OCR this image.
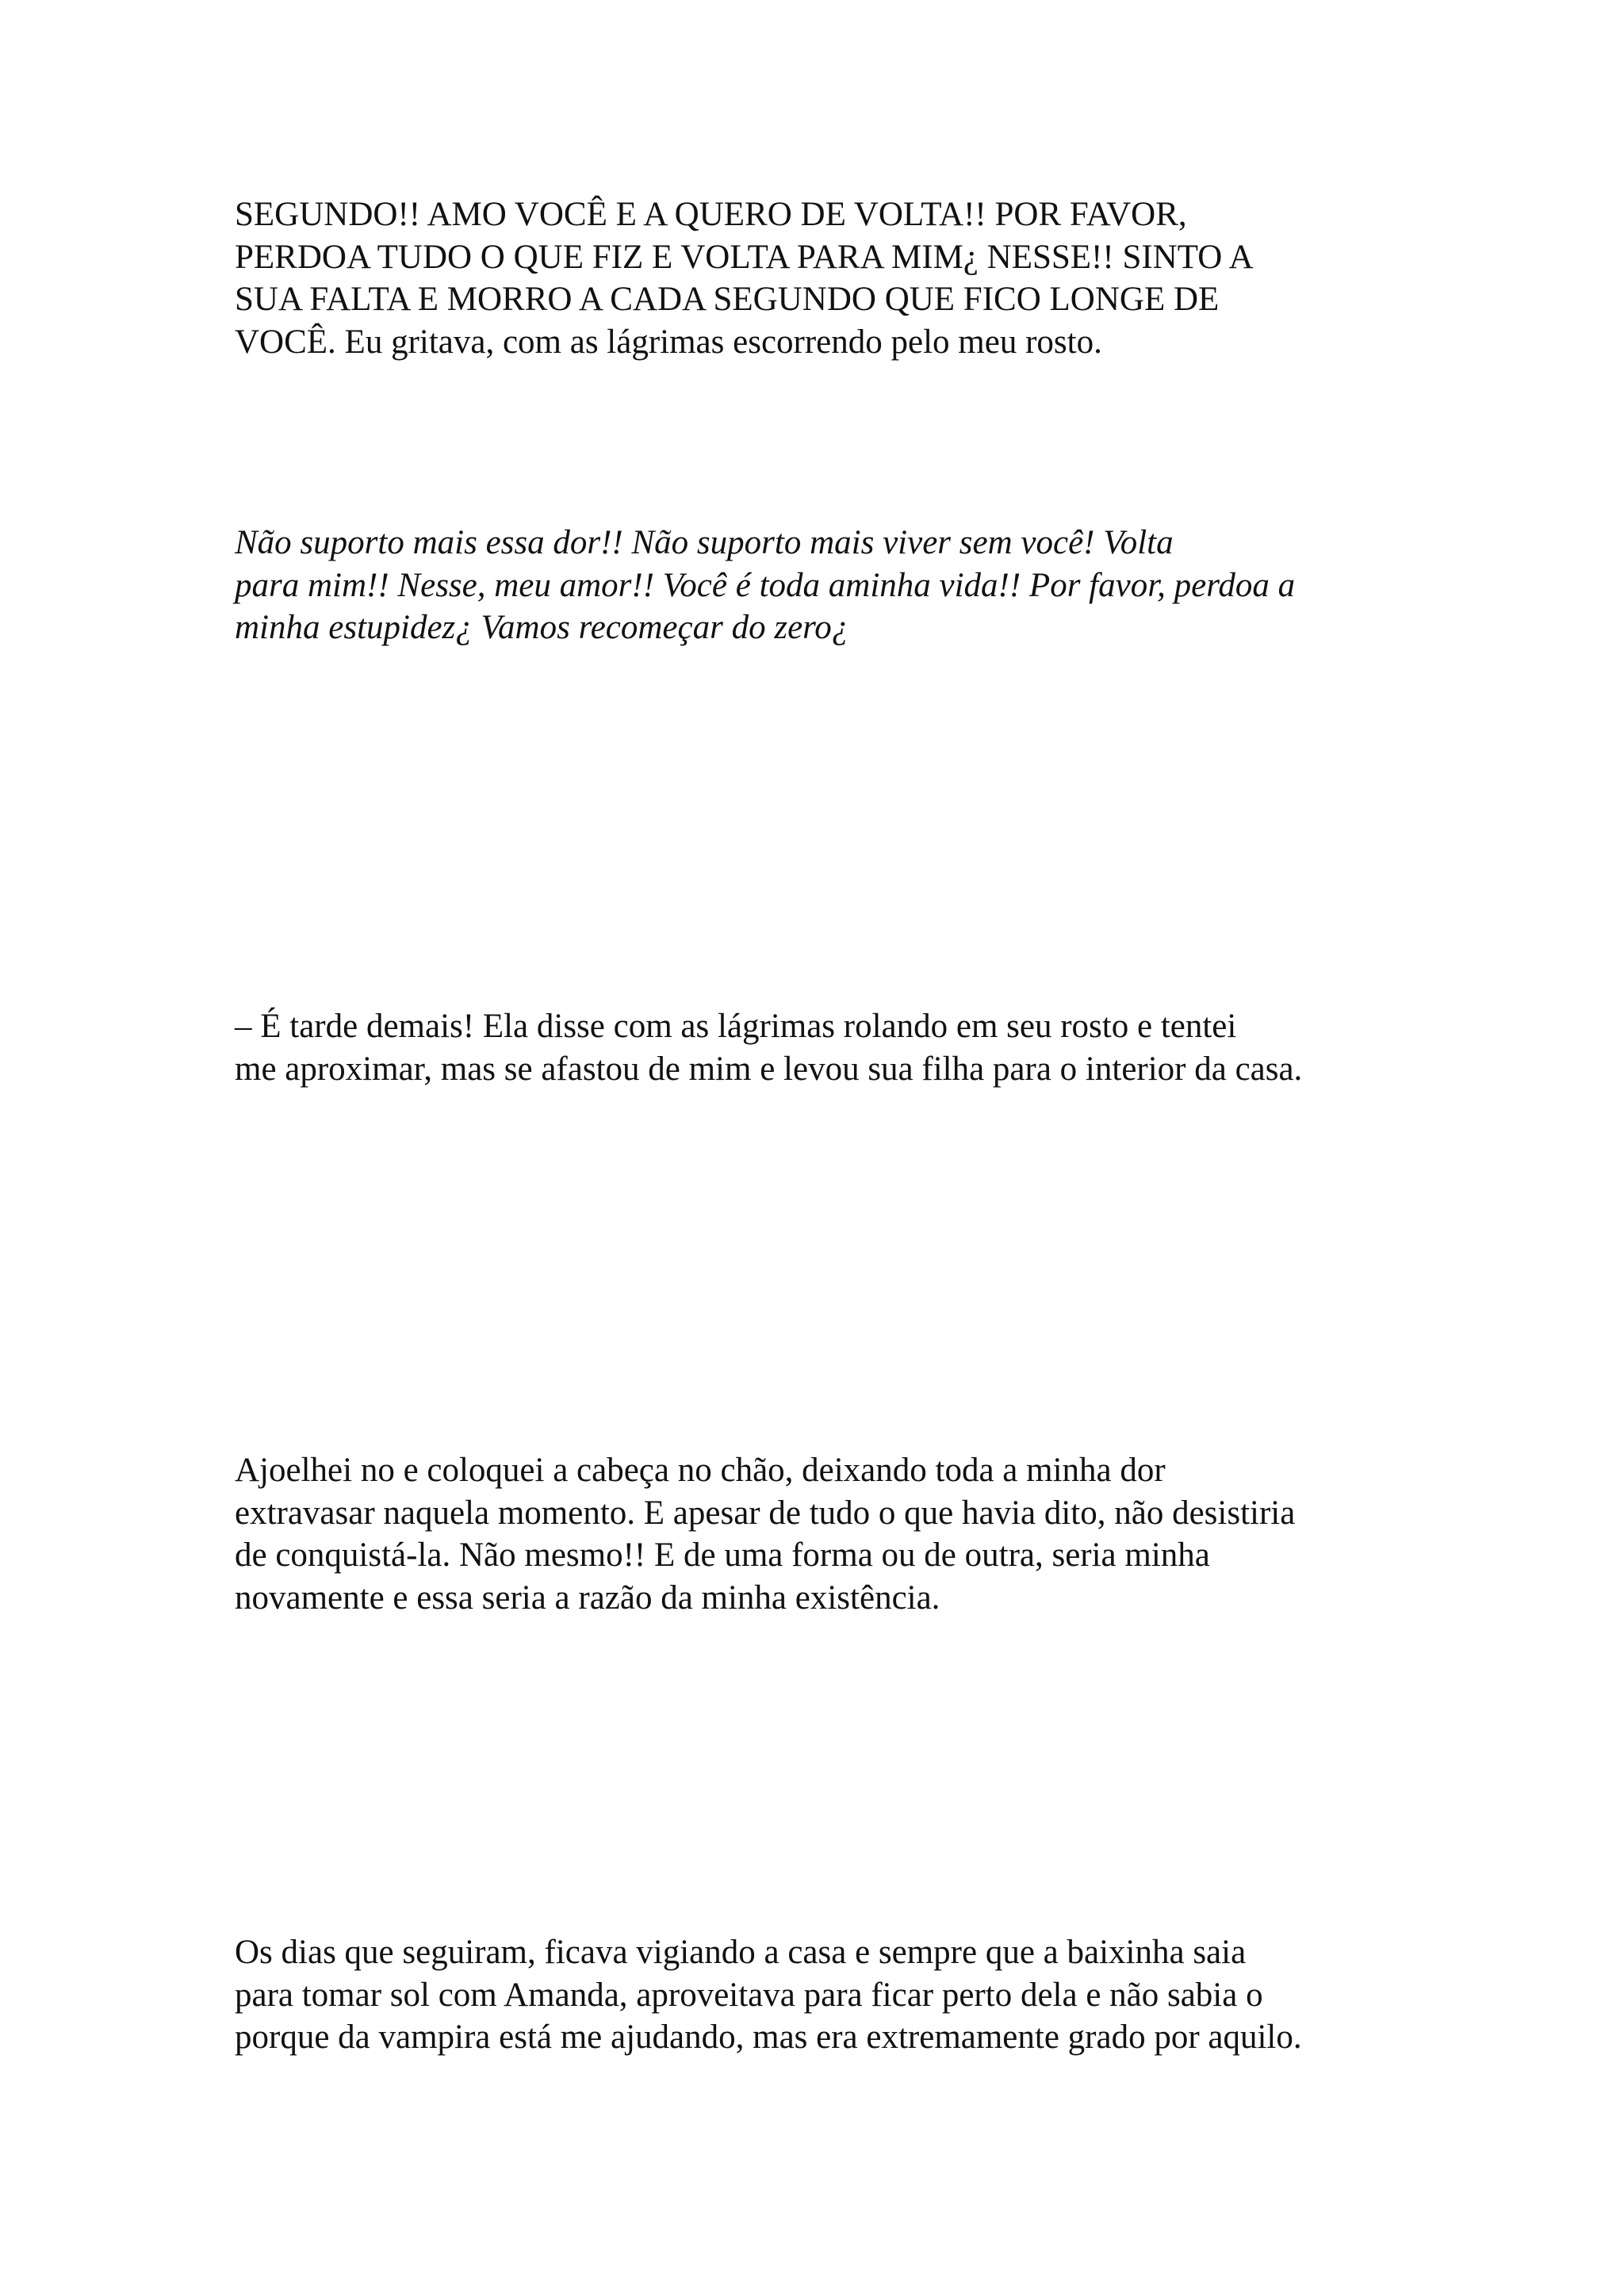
SEGUNDO!! AMO VOCÊ E A QUERO DE VOLTA!! POR FAVOR,
PERDOA TUDO O QUE FIZ E VOLTA PARA MIM¿ NESSE!! SINTO A
SUA FALTA E MORRO A CADA SEGUNDO QUE FICO LONGE DE
VOCÊ. Eu gritava, com as lágrimas escorrendo pelo meu rosto.

Não suporto mais essa dor!! Não suporto mais viver sem você! Volta
para mim!! Nesse, meu amor!! Você é toda aminha vida!! Por favor, perdoa a
minha estupidez¿ Vamos recomeçar do zero¿

– É tarde demais! Ela disse com as lágrimas rolando em seu rosto e tentei
me aproximar, mas se afastou de mim e levou sua filha para o interior da casa.

Ajoelhei no e coloquei a cabeça no chão, deixando toda a minha dor
extravasar naquela momento. E apesar de tudo o que havia dito, não desistiria
de conquistá-la. Não mesmo!! E de uma forma ou de outra, seria minha
novamente e essa seria a razão da minha existência.

Os dias que seguiram, ficava vigiando a casa e sempre que a baixinha saia
para tomar sol com Amanda, aproveitava para ficar perto dela e não sabia o
porque da vampira está me ajudando, mas era extremamente grado por aquilo.
